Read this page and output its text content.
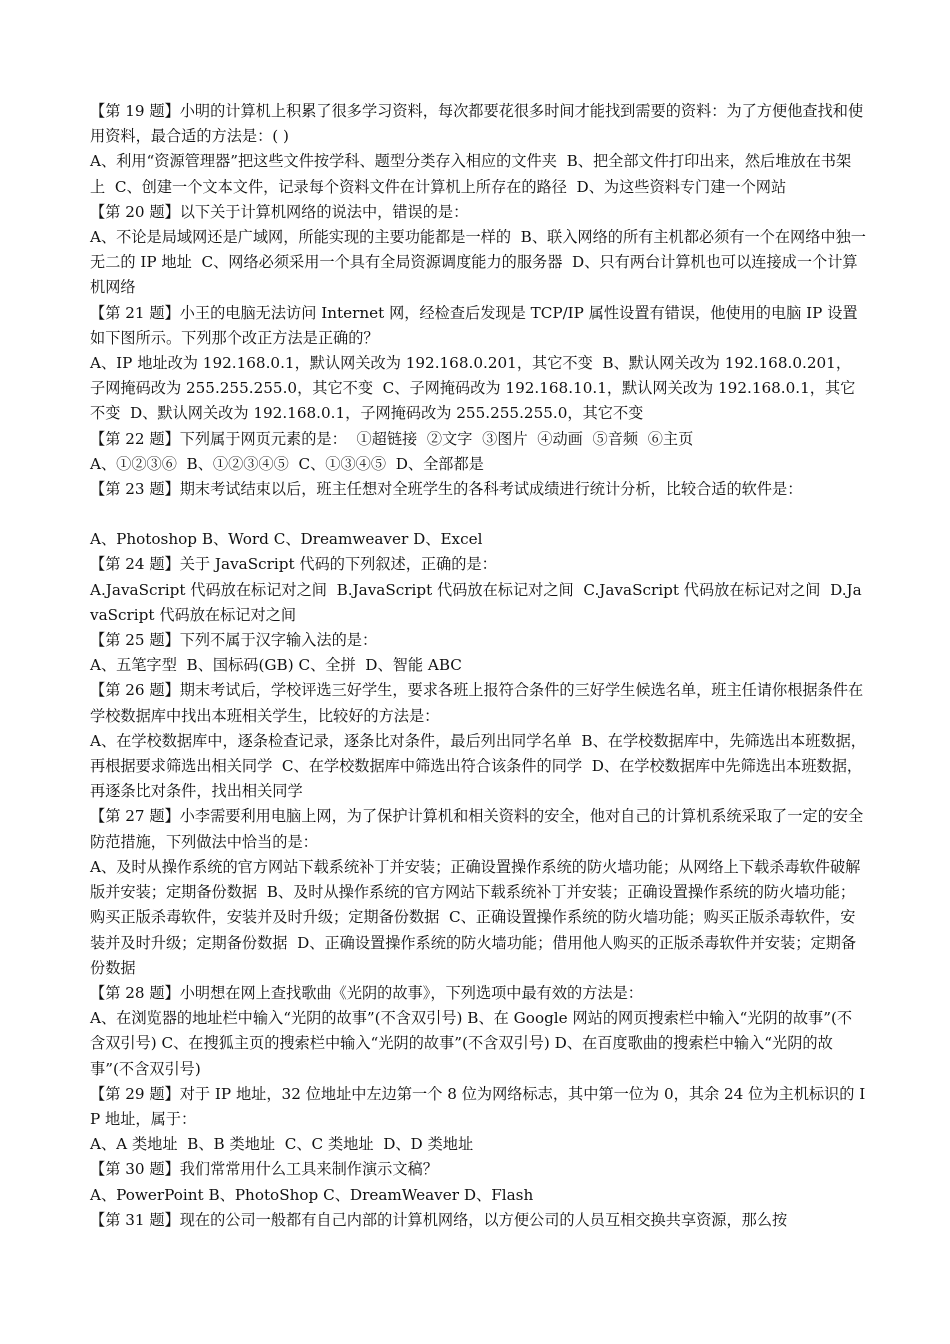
【第 19 题】小明的计算机上积累了很多学习资料，每次都要花很多时间才能找到需要的资料：为了方便他查找和使用资料，最合适的方法是：( )

A、利用“资源管理器”把这些文件按学科、题型分类存入相应的文件夹  B、把全部文件打印出来，然后堆放在书架上  C、创建一个文本文件，记录每个资料文件在计算机上所存在的路径  D、为这些资料专门建一个网站

【第 20 题】以下关于计算机网络的说法中，错误的是：

A、不论是局域网还是广域网，所能实现的主要功能都是一样的  B、联入网络的所有主机都必须有一个在网络中独一无二的 IP 地址  C、网络必须采用一个具有全局资源调度能力的服务器  D、只有两台计算机也可以连接成一个计算机网络

【第 21 题】小王的电脑无法访问 Internet 网，经检查后发现是 TCP/IP 属性设置有错误，他使用的电脑 IP 设置如下图所示。下列那个改正方法是正确的？

A、IP 地址改为 192.168.0.1，默认网关改为 192.168.0.201，其它不变  B、默认网关改为 192.168.0.201，子网掩码改为 255.255.255.0，其它不变  C、子网掩码改为 192.168.10.1，默认网关改为 192.168.0.1，其它不变  D、默认网关改为 192.168.0.1，子网掩码改为 255.255.255.0，其它不变

【第 22 题】下列属于网页元素的是：  ①超链接  ②文字  ③图片  ④动画  ⑤音频  ⑥主页

A、①②③⑥  B、①②③④⑤  C、①③④⑤  D、全部都是

【第 23 题】期末考试结束以后，班主任想对全班学生的各科考试成绩进行统计分析，比较合适的软件是：

A、Photoshop B、Word C、Dreamweaver D、Excel

【第 24 题】关于 JavaScript 代码的下列叙述，正确的是：

A.JavaScript 代码放在标记对之间  B.JavaScript 代码放在标记对之间  C.JavaScript 代码放在标记对之间  D.JavaScript 代码放在标记对之间

【第 25 题】下列不属于汉字输入法的是：

A、五笔字型  B、国标码(GB) C、全拼  D、智能 ABC

【第 26 题】期末考试后，学校评选三好学生，要求各班上报符合条件的三好学生候选名单，班主任请你根据条件在学校数据库中找出本班相关学生，比较好的方法是：

A、在学校数据库中，逐条检查记录，逐条比对条件，最后列出同学名单  B、在学校数据库中，先筛选出本班数据，再根据要求筛选出相关同学  C、在学校数据库中筛选出符合该条件的同学  D、在学校数据库中先筛选出本班数据，再逐条比对条件，找出相关同学

【第 27 题】小李需要利用电脑上网，为了保护计算机和相关资料的安全，他对自己的计算机系统采取了一定的安全防范措施，下列做法中恰当的是：

A、及时从操作系统的官方网站下载系统补丁并安装；正确设置操作系统的防火墙功能；从网络上下载杀毒软件破解版并安装；定期备份数据  B、及时从操作系统的官方网站下载系统补丁并安装；正确设置操作系统的防火墙功能；购买正版杀毒软件，安装并及时升级；定期备份数据  C、正确设置操作系统的防火墙功能；购买正版杀毒软件，安装并及时升级；定期备份数据  D、正确设置操作系统的防火墙功能；借用他人购买的正版杀毒软件并安装；定期备份数据

【第 28 题】小明想在网上查找歌曲《光阴的故事》，下列选项中最有效的方法是：

A、在浏览器的地址栏中输入“光阴的故事”(不含双引号) B、在 Google 网站的网页搜索栏中输入“光阴的故事”(不含双引号) C、在搜狐主页的搜索栏中输入“光阴的故事”(不含双引号) D、在百度歌曲的搜索栏中输入“光阴的故事”(不含双引号)

【第 29 题】对于 IP 地址，32 位地址中左边第一个 8 位为网络标志，其中第一位为 0，其余 24 位为主机标识的 IP 地址，属于：

A、A 类地址  B、B 类地址  C、C 类地址  D、D 类地址

【第 30 题】我们常常用什么工具来制作演示文稿？

A、PowerPoint B、PhotoShop C、DreamWeaver D、Flash

【第 31 题】现在的公司一般都有自己内部的计算机网络，以方便公司的人员互相交换共享资源，那么按
